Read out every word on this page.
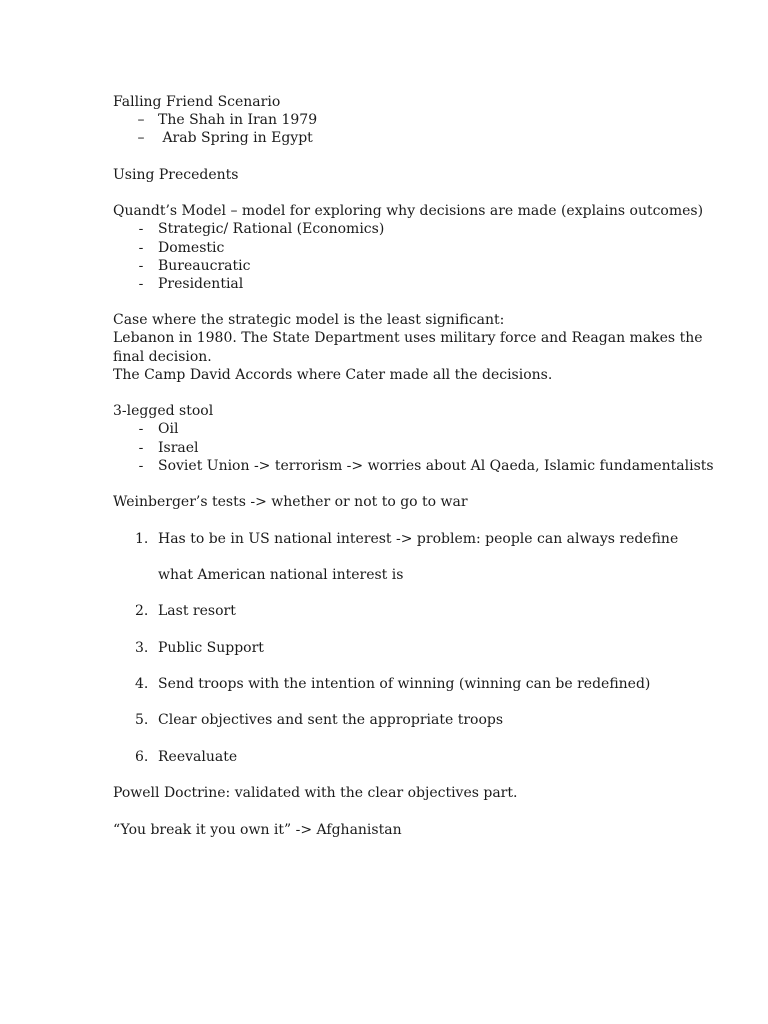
Falling Friend Scenario
– The Shah in Iran 1979
– Arab Spring in Egypt
Using Precedents
Quandt’s Model – model for exploring why decisions are made (explains outcomes)
- Strategic/ Rational (Economics)
- Domestic
- Bureaucratic
- Presidential
Case where the strategic model is the least significant:
Lebanon in 1980. The State Department uses military force and Reagan makes the
final decision.
The Camp David Accords where Cater made all the decisions.
3-legged stool
- Oil
- Israel
- Soviet Union -> terrorism -> worries about Al Qaeda, Islamic fundamentalists
Weinberger’s tests -> whether or not to go to war
1. Has to be in US national interest -> problem: people can always redefine
what American national interest is
2. Last resort
3. Public Support
4. Send troops with the intention of winning (winning can be redefined)
5. Clear objectives and sent the appropriate troops
6. Reevaluate
Powell Doctrine: validated with the clear objectives part.
“You break it you own it” -> Afghanistan
